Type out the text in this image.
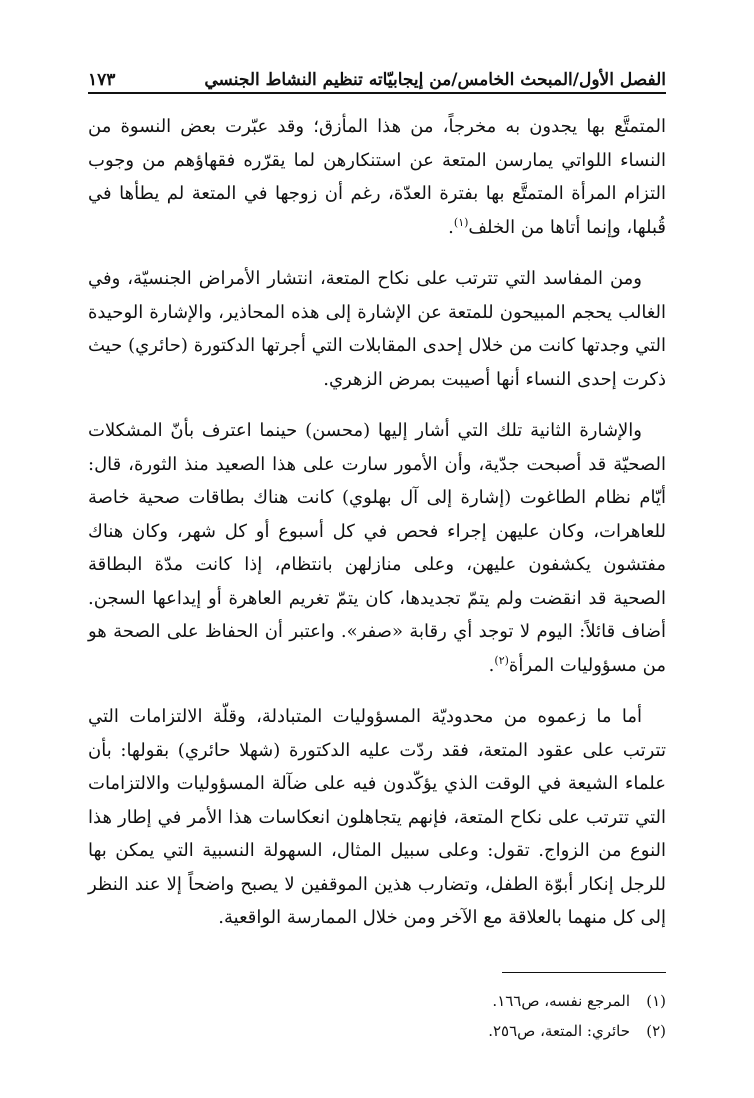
الفصل الأول/المبحث الخامس/من إيجابيّاته تنظيم النشاط الجنسي
١٧٣

المتمتَّع بها يجدون به مخرجاً، من هذا المأزق؛ وقد عبّرت بعض النسوة من النساء اللواتي يمارسن المتعة عن استنكارهن لما يقرّره فقهاؤهم من وجوب التزام المرأة المتمتَّع بها بفترة العدّة، رغم أن زوجها في المتعة لم يطأها في قُبلها، وإنما أتاها من الخلف$^{(١)}$.

ومن المفاسد التي تترتب على نكاح المتعة، انتشار الأمراض الجنسيّة، وفي الغالب يحجم المبيحون للمتعة عن الإشارة إلى هذه المحاذير، والإشارة الوحيدة التي وجدتها كانت من خلال إحدى المقابلات التي أجرتها الدكتورة (حائري) حيث ذكرت إحدى النساء أنها أصيبت بمرض الزهري.

والإشارة الثانية تلك التي أشار إليها (محسن) حينما اعترف بأنّ المشكلات الصحيّة قد أصبحت جدّية، وأن الأمور سارت على هذا الصعيد منذ الثورة، قال: أيّام نظام الطاغوت (إشارة إلى آل بهلوي) كانت هناك بطاقات صحية خاصة للعاهرات، وكان عليهن إجراء فحص في كل أسبوع أو كل شهر، وكان هناك مفتشون يكشفون عليهن، وعلى منازلهن بانتظام، إذا كانت مدّة البطاقة الصحية قد انقضت ولم يتمّ تجديدها، كان يتمّ تغريم العاهرة أو إيداعها السجن. أضاف قائلاً: اليوم لا توجد أي رقابة «صفر». واعتبر أن الحفاظ على الصحة هو من مسؤوليات المرأة$^{(٢)}$.

أما ما زعموه من محدوديّة المسؤوليات المتبادلة، وقلّة الالتزامات التي تترتب على عقود المتعة، فقد ردّت عليه الدكتورة (شهلا حائري) بقولها: بأن علماء الشيعة في الوقت الذي يؤكّدون فيه على ضآلة المسؤوليات والالتزامات التي تترتب على نكاح المتعة، فإنهم يتجاهلون انعكاسات هذا الأمر في إطار هذا النوع من الزواج. تقول: وعلى سبيل المثال، السهولة النسبية التي يمكن بها للرجل إنكار أبوّة الطفل، وتضارب هذين الموقفين لا يصبح واضحاً إلا عند النظر إلى كل منهما بالعلاقة مع الآخر ومن خلال الممارسة الواقعية.

(١)
المرجع نفسه، ص١٦٦.
(٢)
حائري: المتعة، ص٢٥٦.
